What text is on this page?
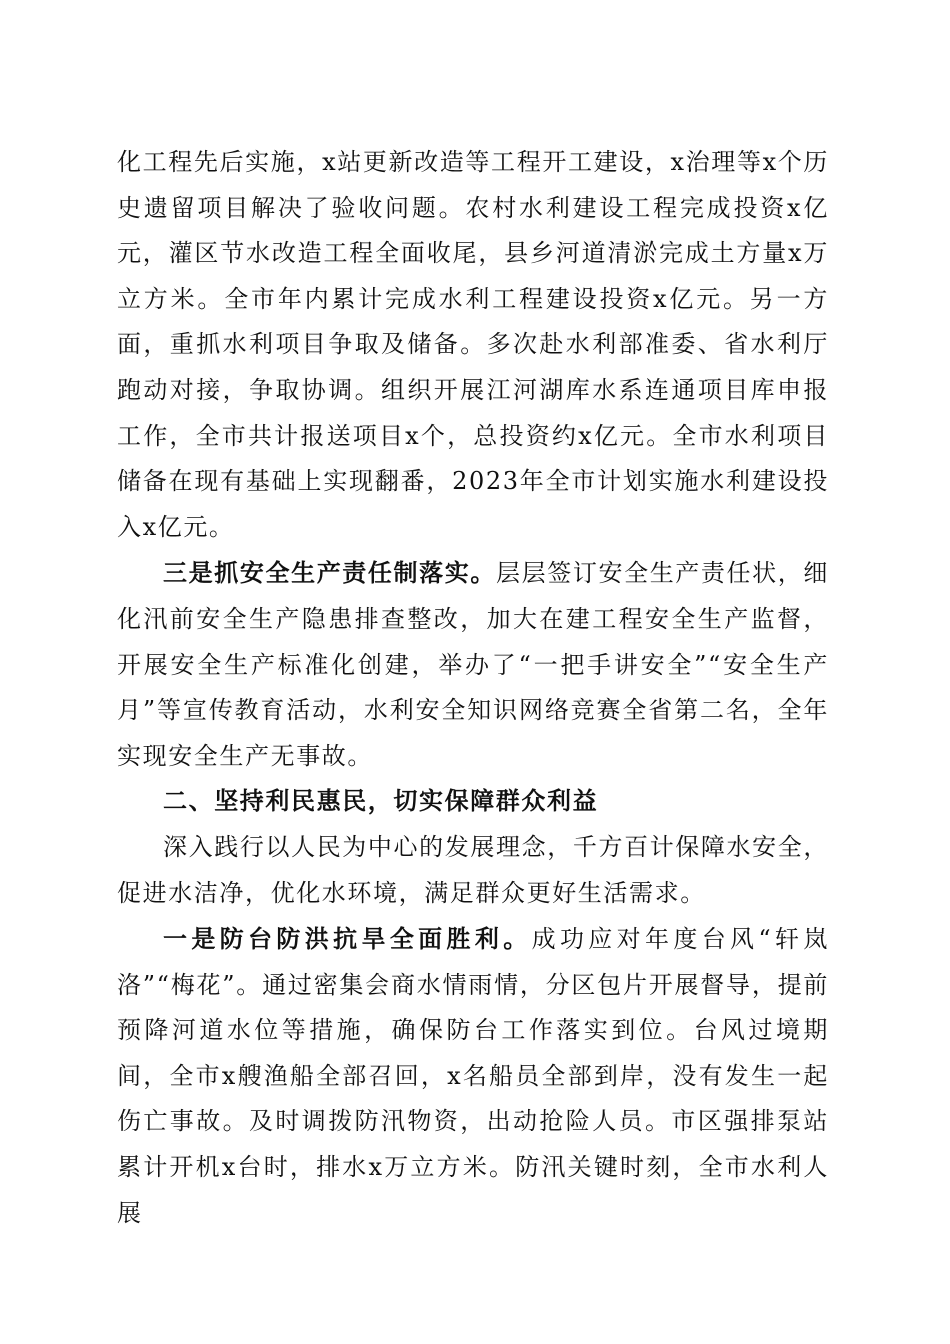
化工程先后实施，x站更新改造等工程开工建设，x治理等x个历史遗留项目解决了验收问题。农村水利建设工程完成投资x亿元，灌区节水改造工程全面收尾，县乡河道清淤完成土方量x万立方米。全市年内累计完成水利工程建设投资x亿元。另一方面，重抓水利项目争取及储备。多次赴水利部准委、省水利厅跑动对接，争取协调。组织开展江河湖库水系连通项目库申报工作，全市共计报送项目x个，总投资约x亿元。全市水利项目储备在现有基础上实现翻番，2023年全市计划实施水利建设投入x亿元。

三是抓安全生产责任制落实。层层签订安全生产责任状，细化汛前安全生产隐患排查整改，加大在建工程安全生产监督，开展安全生产标准化创建，举办了“一把手讲安全”“安全生产月”等宣传教育活动，水利安全知识网络竞赛全省第二名，全年实现安全生产无事故。

二、坚持利民惠民，切实保障群众利益

深入践行以人民为中心的发展理念，千方百计保障水安全，促进水洁净，优化水环境，满足群众更好生活需求。

一是防台防洪抗旱全面胜利。成功应对年度台风“轩岚洛”“梅花”。通过密集会商水情雨情，分区包片开展督导，提前预降河道水位等措施，确保防台工作落实到位。台风过境期间，全市x艘渔船全部召回，x名船员全部到岸，没有发生一起伤亡事故。及时调拨防汛物资，出动抢险人员。市区强排泵站累计开机x台时，排水x万立方米。防汛关键时刻，全市水利人展
